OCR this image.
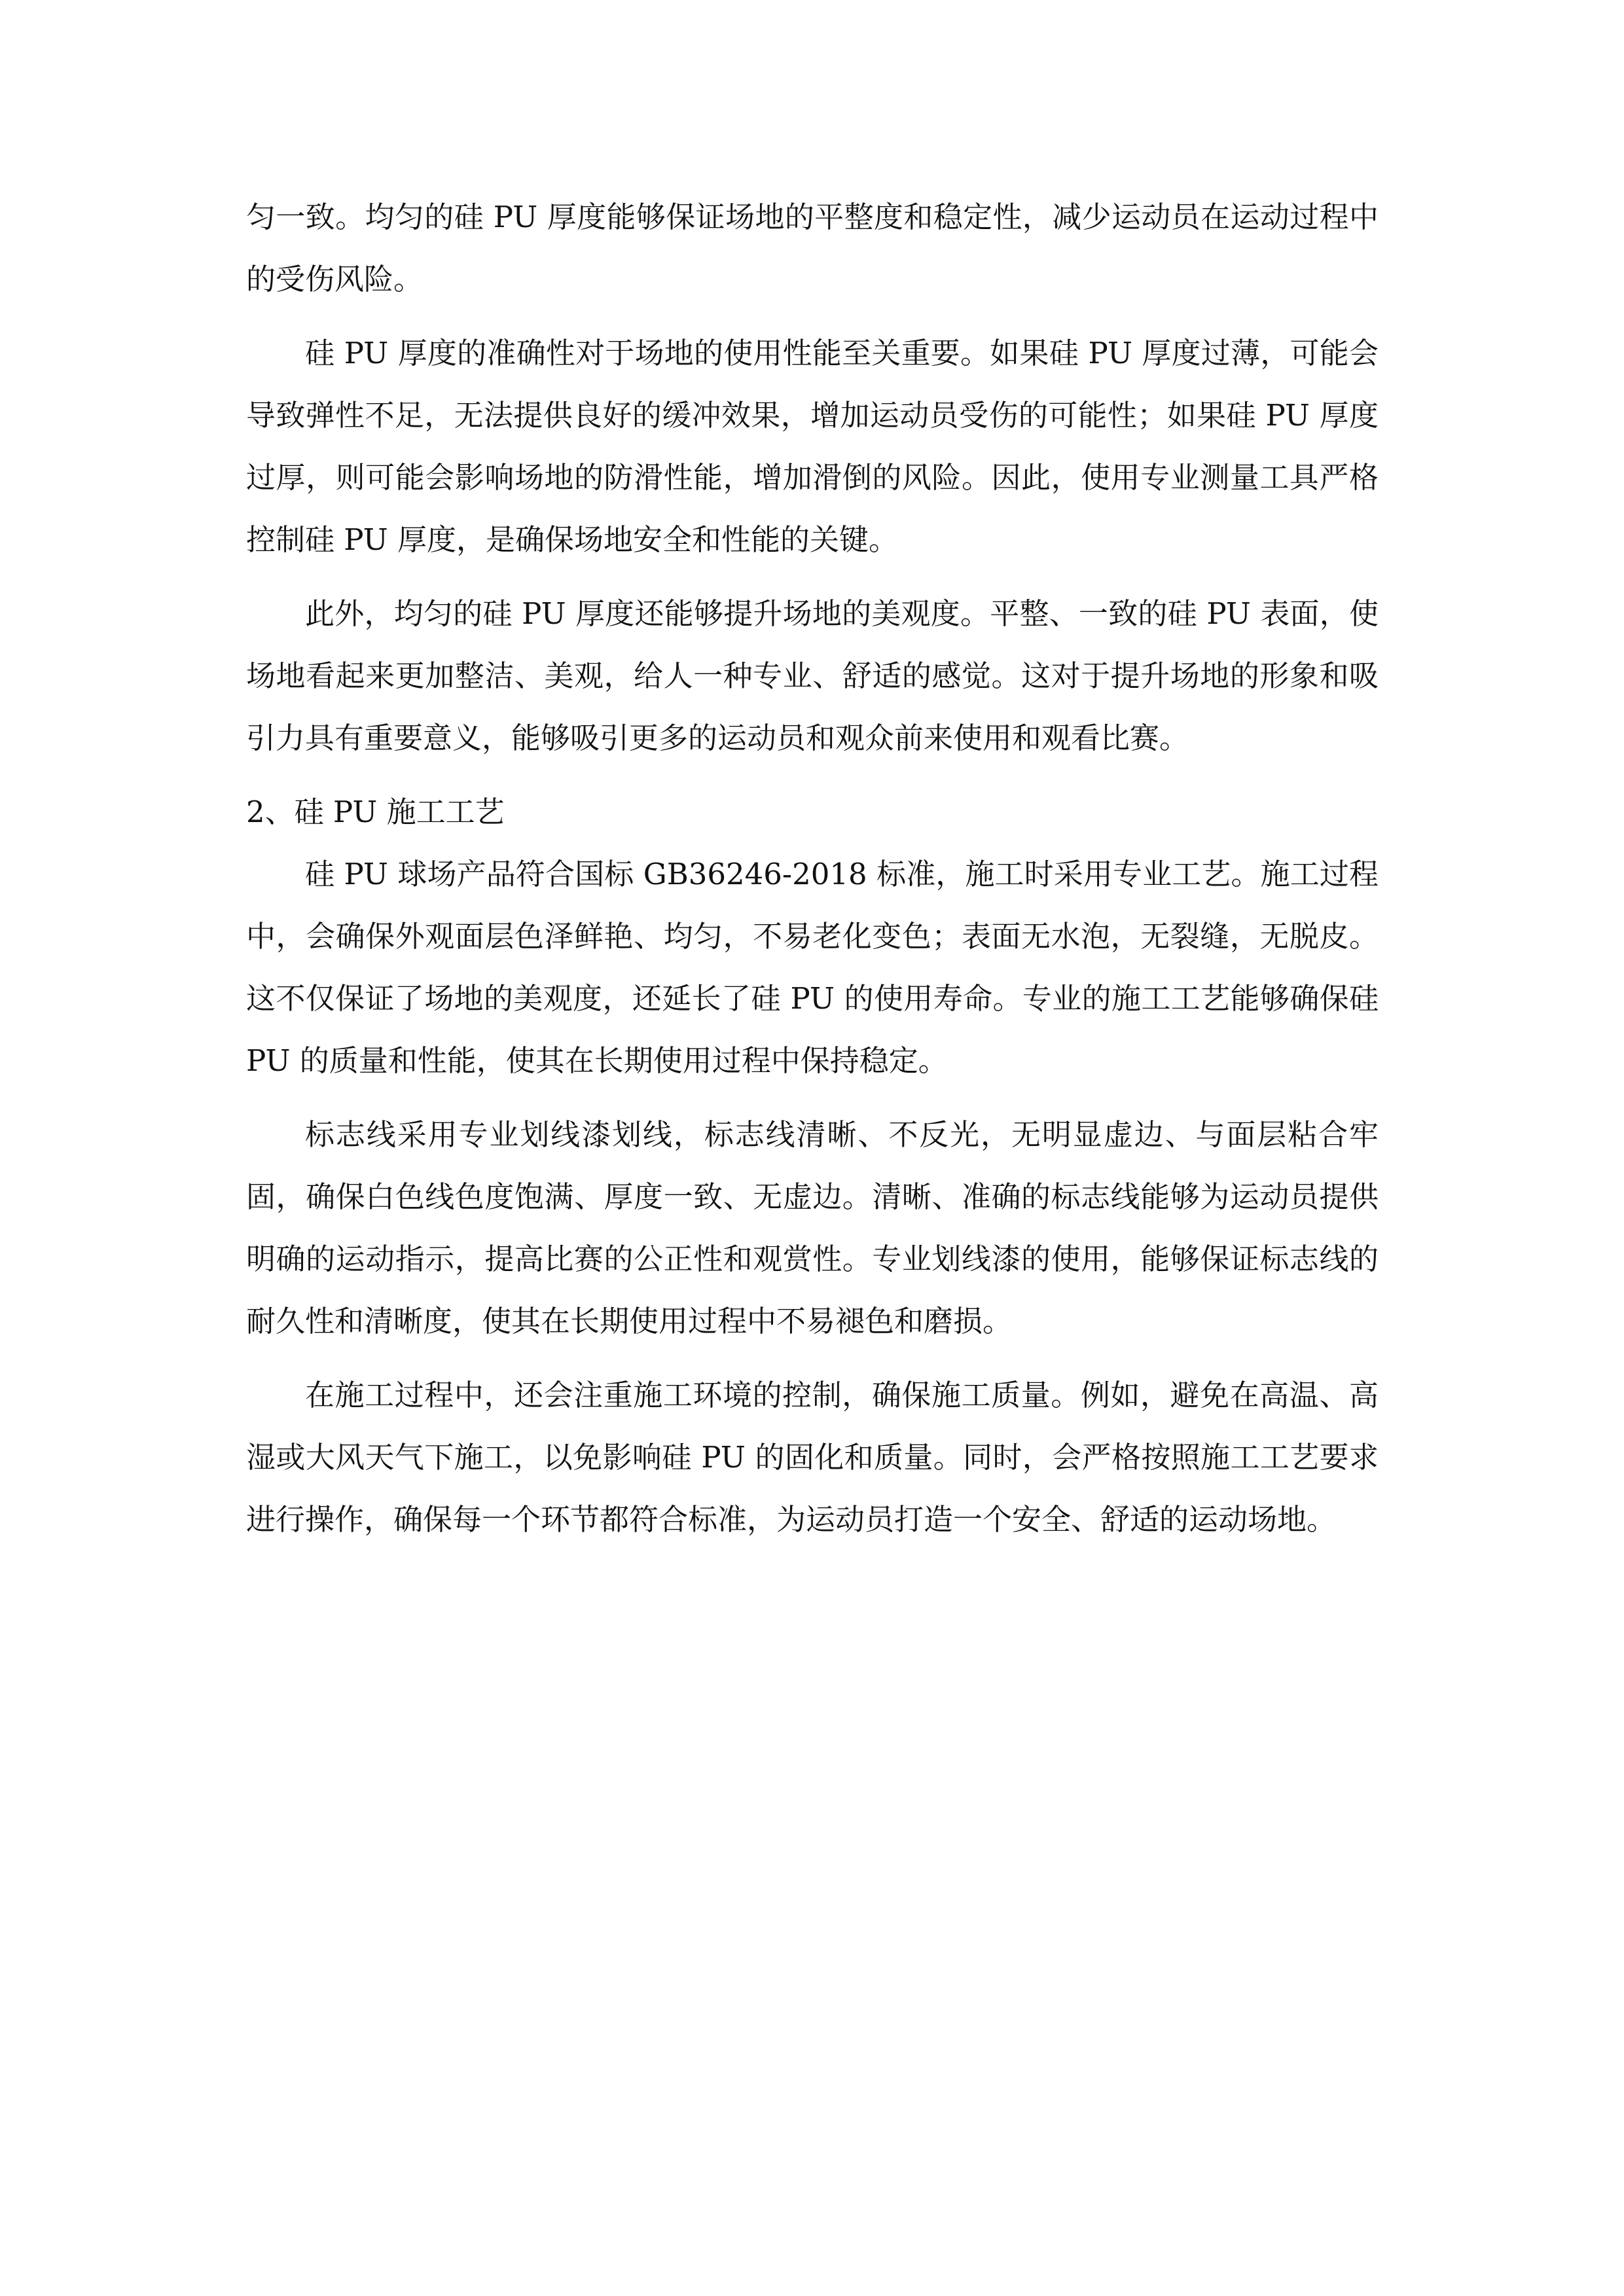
匀一致。均匀的硅 PU 厚度能够保证场地的平整度和稳定性，减少运动员在运动过程中的受伤风险。

硅 PU 厚度的准确性对于场地的使用性能至关重要。如果硅 PU 厚度过薄，可能会导致弹性不足，无法提供良好的缓冲效果，增加运动员受伤的可能性；如果硅 PU 厚度过厚，则可能会影响场地的防滑性能，增加滑倒的风险。因此，使用专业测量工具严格控制硅 PU 厚度，是确保场地安全和性能的关键。

此外，均匀的硅 PU 厚度还能够提升场地的美观度。平整、一致的硅 PU 表面，使场地看起来更加整洁、美观，给人一种专业、舒适的感觉。这对于提升场地的形象和吸引力具有重要意义，能够吸引更多的运动员和观众前来使用和观看比赛。

2、硅 PU 施工工艺

硅 PU 球场产品符合国标 GB36246-2018 标准，施工时采用专业工艺。施工过程中，会确保外观面层色泽鲜艳、均匀，不易老化变色；表面无水泡，无裂缝，无脱皮。这不仅保证了场地的美观度，还延长了硅 PU 的使用寿命。专业的施工工艺能够确保硅 PU 的质量和性能，使其在长期使用过程中保持稳定。

标志线采用专业划线漆划线，标志线清晰、不反光，无明显虚边、与面层粘合牢固，确保白色线色度饱满、厚度一致、无虚边。清晰、准确的标志线能够为运动员提供明确的运动指示，提高比赛的公正性和观赏性。专业划线漆的使用，能够保证标志线的耐久性和清晰度，使其在长期使用过程中不易褪色和磨损。

在施工过程中，还会注重施工环境的控制，确保施工质量。例如，避免在高温、高湿或大风天气下施工，以免影响硅 PU 的固化和质量。同时，会严格按照施工工艺要求进行操作，确保每一个环节都符合标准，为运动员打造一个安全、舒适的运动场地。
